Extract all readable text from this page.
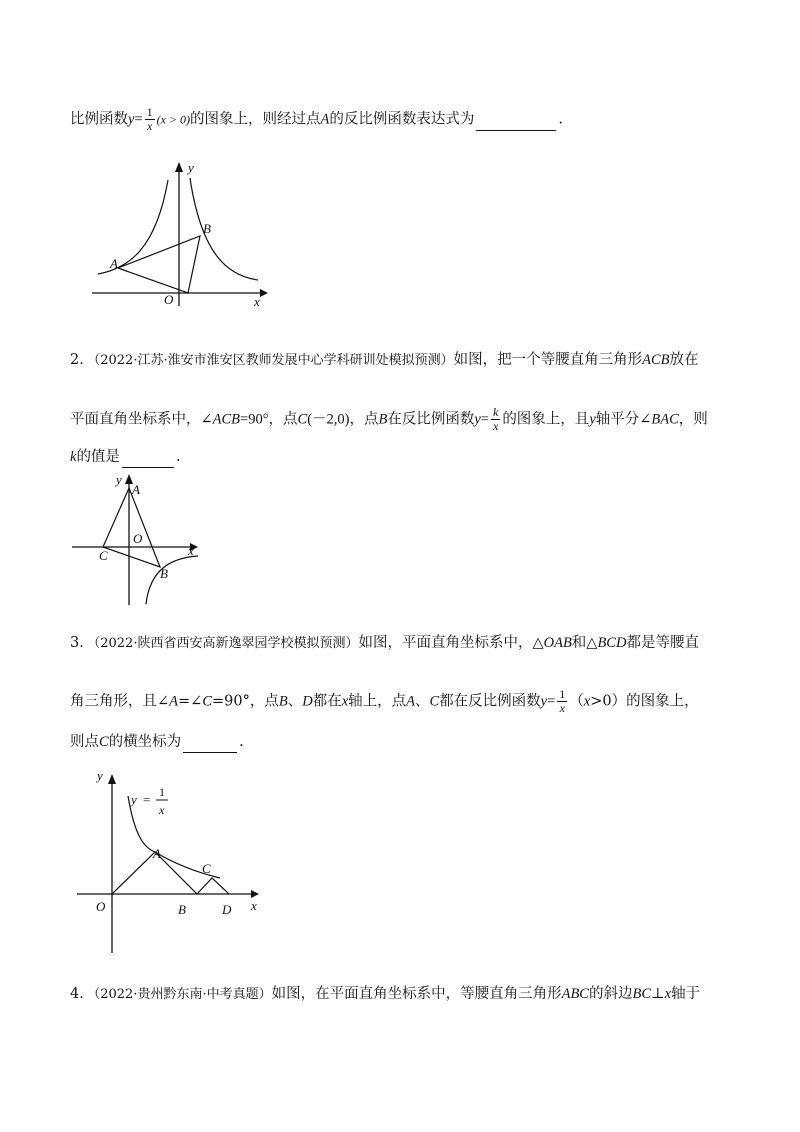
比例函数$y= \frac{1}{x} (x > 0)$的图象上，则经过点A的反比例函数表达式为	.
y
B
A
O	x
2．（2022·江苏·淮安市淮安区教师发展中心学科研训处模拟预测）如图，把一个等腰直角三角形ACB放在
平面直角坐标系中，∠ACB=90°，点C(－2,0)，点B在反比例函数$y= \frac{k}{x}$ 的图象上，且y轴平分∠BAC，则
k的值是	.
y
A
O
C	x
B
3．（2022·陕西省西安高新逸翠园学校模拟预测）如图，平面直角坐标系中，△OAB和△BCD都是等腰直
角三角形，且∠A=∠C=90°，点B、D都在x轴上，点A、C都在反比例函数$y= \frac{1}{x} (x>0)$的图象上，
则点C的横坐标为	.
y = 1
x
y
A
C
O	B	D x
4．（2022·贵州黔东南·中考真题）如图，在平面直角坐标系中，等腰直角三角形ABC的斜边BC⊥x轴于
